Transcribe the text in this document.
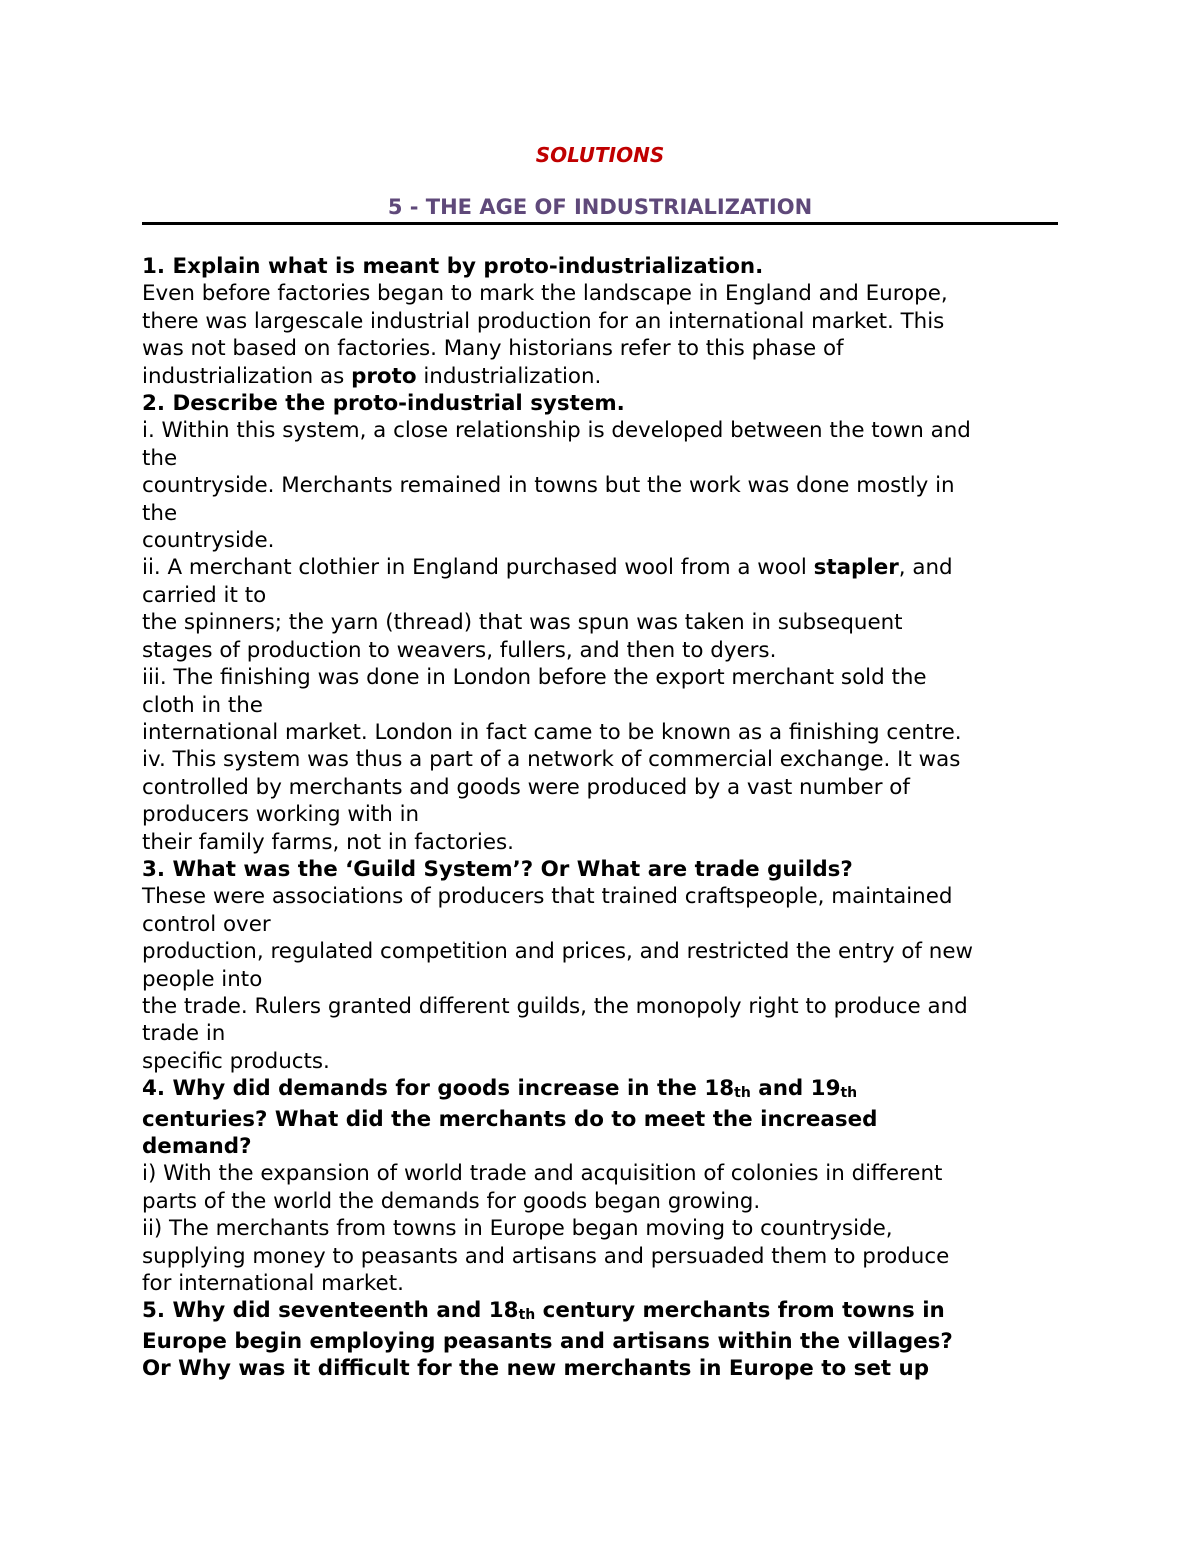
SOLUTIONS

5 - THE AGE OF INDUSTRIALIZATION

1. Explain what is meant by proto-industrialization.
Even before factories began to mark the landscape in England and Europe,
there was largescale industrial production for an international market. This
was not based on factories. Many historians refer to this phase of
industrialization as proto industrialization.
2. Describe the proto-industrial system.
i. Within this system, a close relationship is developed between the town and
the
countryside. Merchants remained in towns but the work was done mostly in
the
countryside.
ii. A merchant clothier in England purchased wool from a wool stapler, and
carried it to
the spinners; the yarn (thread) that was spun was taken in subsequent
stages of production to weavers, fullers, and then to dyers.
iii. The finishing was done in London before the export merchant sold the
cloth in the
international market. London in fact came to be known as a finishing centre.
iv. This system was thus a part of a network of commercial exchange. It was
controlled by merchants and goods were produced by a vast number of
producers working with in
their family farms, not in factories.
3. What was the ‘Guild System’? Or What are trade guilds?
These were associations of producers that trained craftspeople, maintained
control over
production, regulated competition and prices, and restricted the entry of new
people into
the trade. Rulers granted different guilds, the monopoly right to produce and
trade in
specific products.
4. Why did demands for goods increase in the $18_{th}$ and $19_{th}$
centuries? What did the merchants do to meet the increased
demand?
i) With the expansion of world trade and acquisition of colonies in different
parts of the world the demands for goods began growing.
ii) The merchants from towns in Europe began moving to countryside,
supplying money to peasants and artisans and persuaded them to produce
for international market.
5. Why did seventeenth and $18_{th}$ century merchants from towns in
Europe begin employing peasants and artisans within the villages?
Or Why was it difficult for the new merchants in Europe to set up
